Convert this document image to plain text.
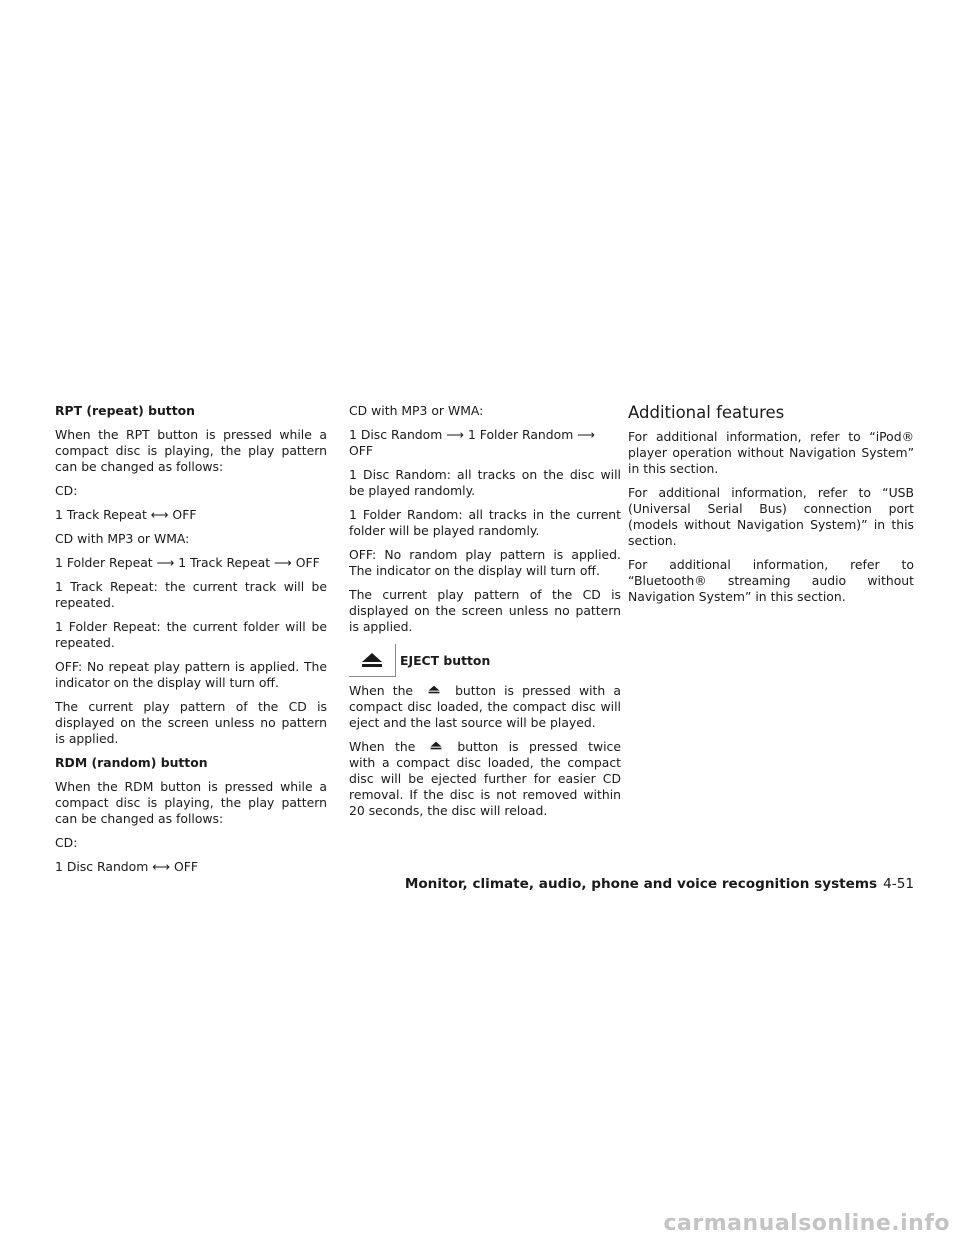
RPT (repeat) button

When the RPT button is pressed while a compact disc is playing, the play pattern can be changed as follows:

CD:

1 Track Repeat ⟷ OFF

CD with MP3 or WMA:

1 Folder Repeat ⟶ 1 Track Repeat ⟶ OFF

1 Track Repeat: the current track will be repeated.

1 Folder Repeat: the current folder will be repeated.

OFF: No repeat play pattern is applied. The indicator on the display will turn off.

The current play pattern of the CD is displayed on the screen unless no pattern is applied.

RDM (random) button

When the RDM button is pressed while a compact disc is playing, the play pattern can be changed as follows:

CD:

1 Disc Random ⟷ OFF

CD with MP3 or WMA:

1 Disc Random ⟶ 1 Folder Random ⟶ OFF

1 Disc Random: all tracks on the disc will be played randomly.

1 Folder Random: all tracks in the current folder will be played randomly.

OFF: No random play pattern is applied. The indicator on the display will turn off.

The current play pattern of the CD is displayed on the screen unless no pattern is applied.

EJECT button

When the	button is pressed with a compact disc loaded, the compact disc will eject and the last source will be played.

When the	button is pressed twice with a compact disc loaded, the compact disc will be ejected further for easier CD removal. If the disc is not removed within 20 seconds, the disc will reload.

Additional features

For additional information, refer to “iPod® player operation without Navigation System” in this section.

For additional information, refer to “USB (Universal Serial Bus) connection port (models without Navigation System)” in this section.

For additional information, refer to “Bluetooth® streaming audio without Navigation System” in this section.

Monitor, climate, audio, phone and voice recognition systems 4-51
carmanualsonline.info
